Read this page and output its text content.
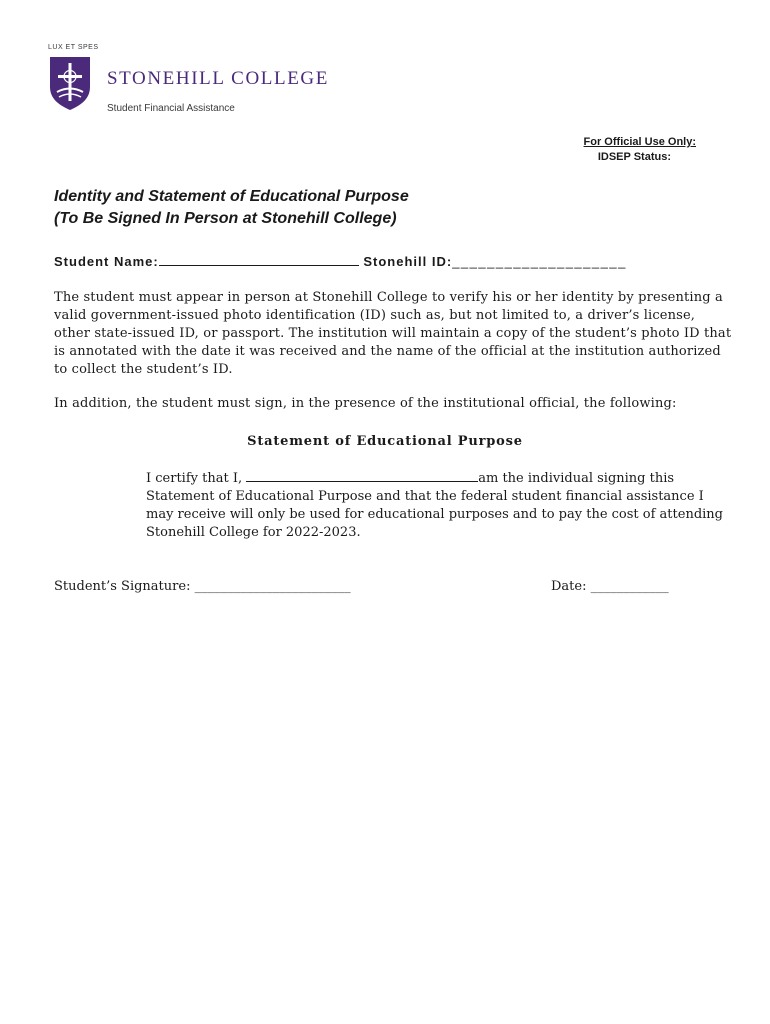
LUX ET SPES
STONEHILL COLLEGE
Student Financial Assistance
For Official Use Only:
IDSEP Status:
Identity and Statement of Educational Purpose
(To Be Signed In Person at Stonehill College)
Student Name:	Stonehill ID:____________________
The student must appear in person at Stonehill College to verify his or her identity by presenting a valid government-issued photo identification (ID) such as, but not limited to, a driver’s license, other state-issued ID, or passport. The institution will maintain a copy of the student’s photo ID that is annotated with the date it was received and the name of the official at the institution authorized to collect the student’s ID.
In addition, the student must sign, in the presence of the institutional official, the following:
Statement of Educational Purpose
I certify that I,	am the individual signing this Statement of Educational Purpose and that the federal student financial assistance I may receive will only be used for educational purposes and to pay the cost of attending Stonehill College for 2022-2023.
Student’s Signature: ________________________	Date: ____________
